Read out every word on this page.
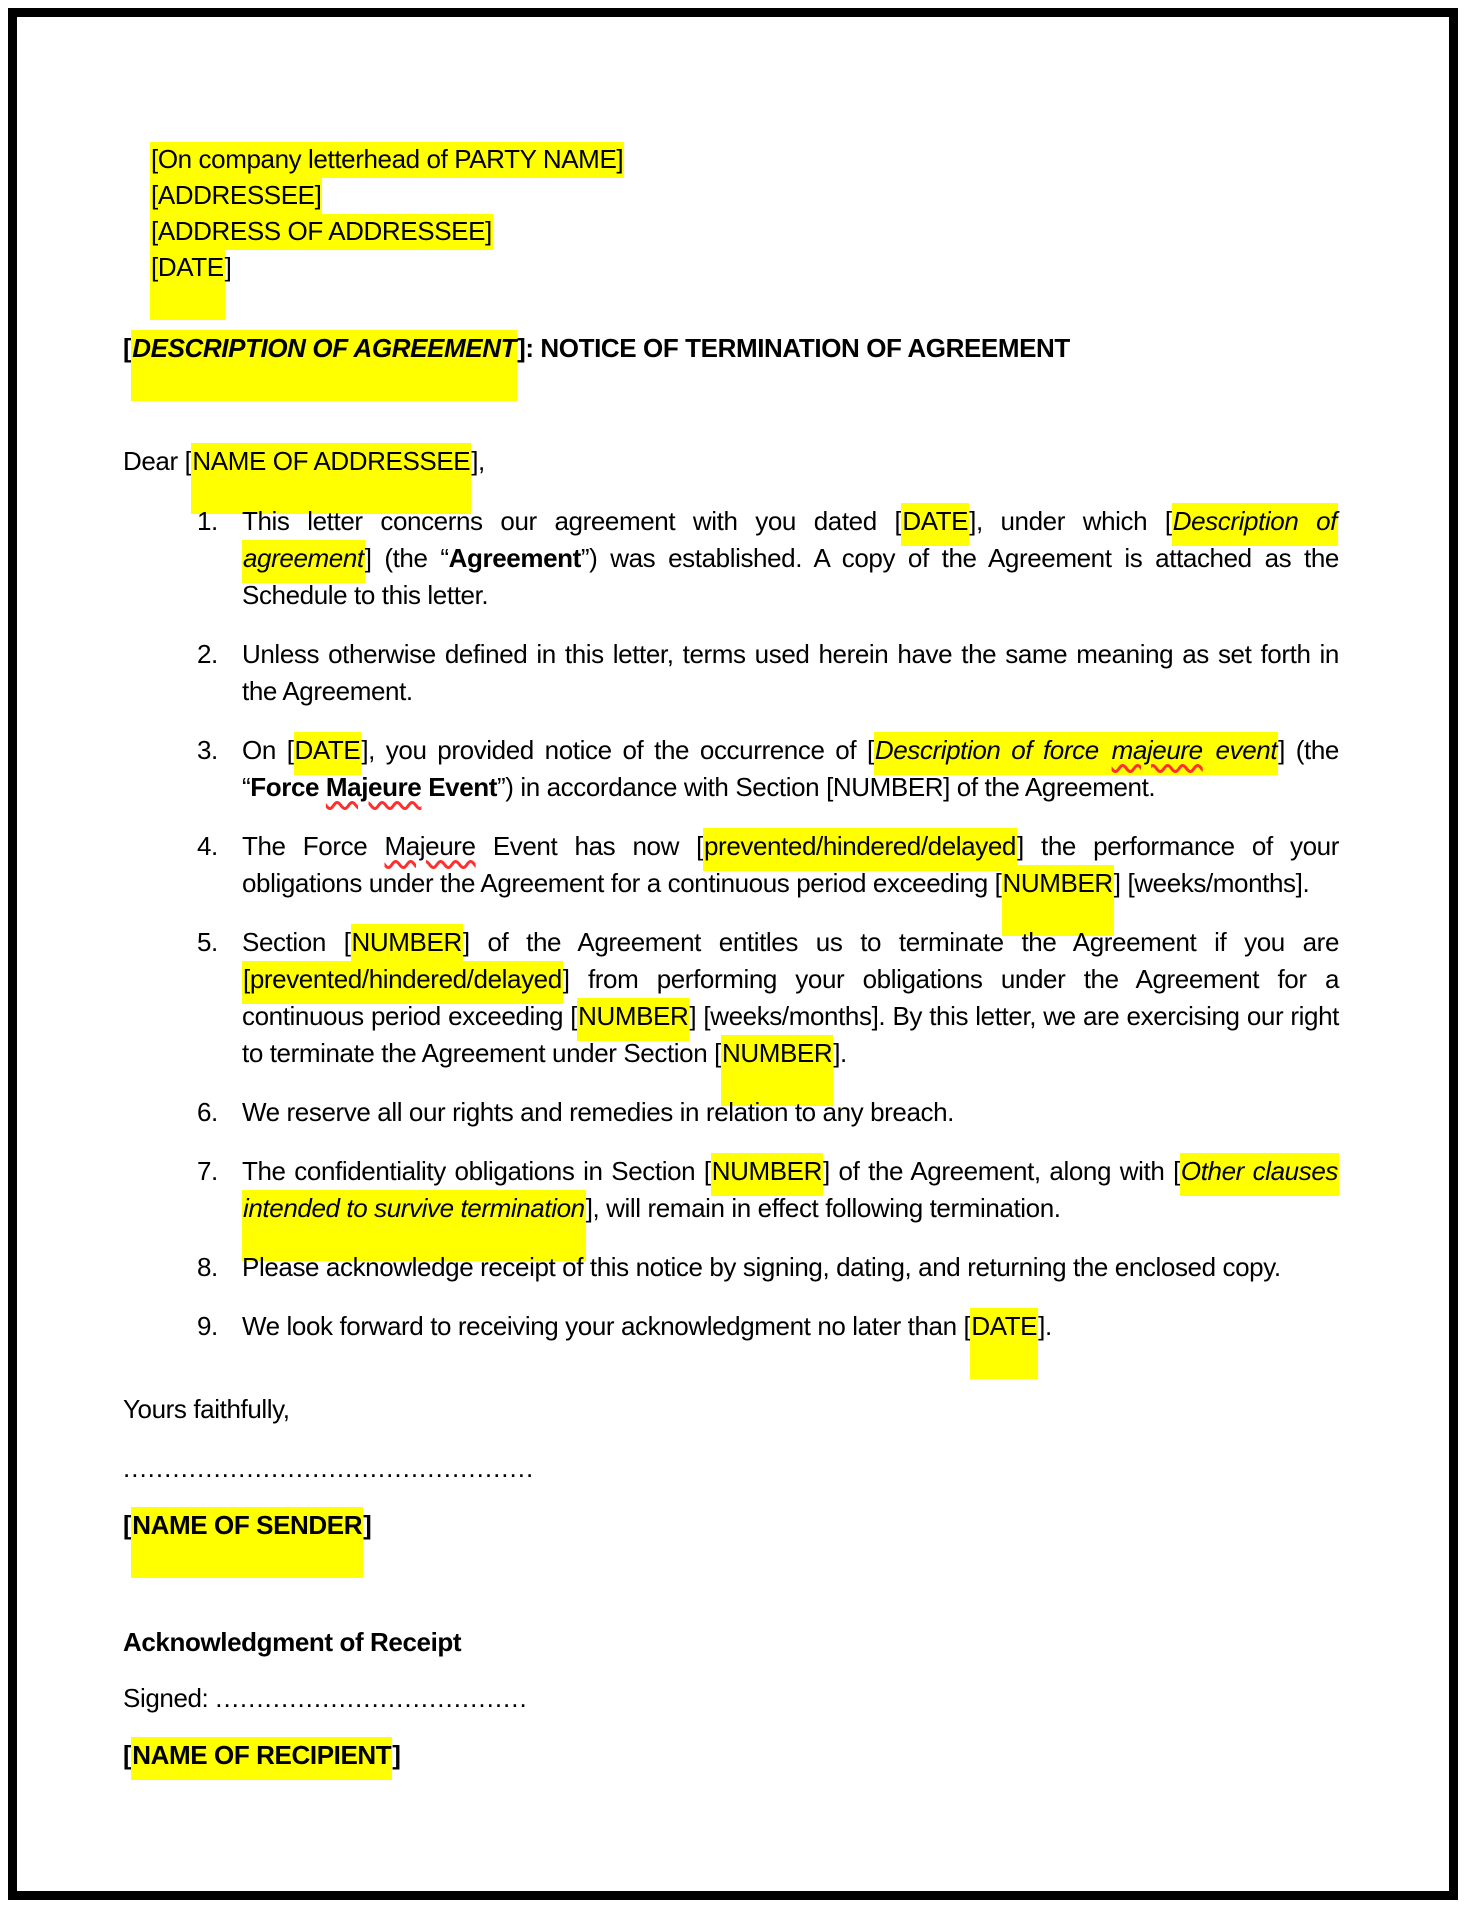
[On company letterhead of PARTY NAME]
[ADDRESSEE]
[ADDRESS OF ADDRESSEE]
[DATE]
[DESCRIPTION OF AGREEMENT]: NOTICE OF TERMINATION OF AGREEMENT
Dear [NAME OF ADDRESSEE],
1. This letter concerns our agreement with you dated [DATE], under which [Description of agreement] (the “Agreement”) was established. A copy of the Agreement is attached as the Schedule to this letter.
2. Unless otherwise defined in this letter, terms used herein have the same meaning as set forth in the Agreement.
3. On [DATE], you provided notice of the occurrence of [Description of force majeure event] (the “Force Majeure Event”) in accordance with Section [NUMBER] of the Agreement.
4. The Force Majeure Event has now [prevented/hindered/delayed] the performance of your obligations under the Agreement for a continuous period exceeding [NUMBER] [weeks/months].
5. Section [NUMBER] of the Agreement entitles us to terminate the Agreement if you are [prevented/hindered/delayed] from performing your obligations under the Agreement for a continuous period exceeding [NUMBER] [weeks/months]. By this letter, we are exercising our right to terminate the Agreement under Section [NUMBER].
6. We reserve all our rights and remedies in relation to any breach.
7. The confidentiality obligations in Section [NUMBER] of the Agreement, along with [Other clauses intended to survive termination], will remain in effect following termination.
8. Please acknowledge receipt of this notice by signing, dating, and returning the enclosed copy.
9. We look forward to receiving your acknowledgment no later than [DATE].
Yours faithfully,
..................................................
[NAME OF SENDER]
Acknowledgment of Receipt
Signed: ......................................
[NAME OF RECIPIENT]
